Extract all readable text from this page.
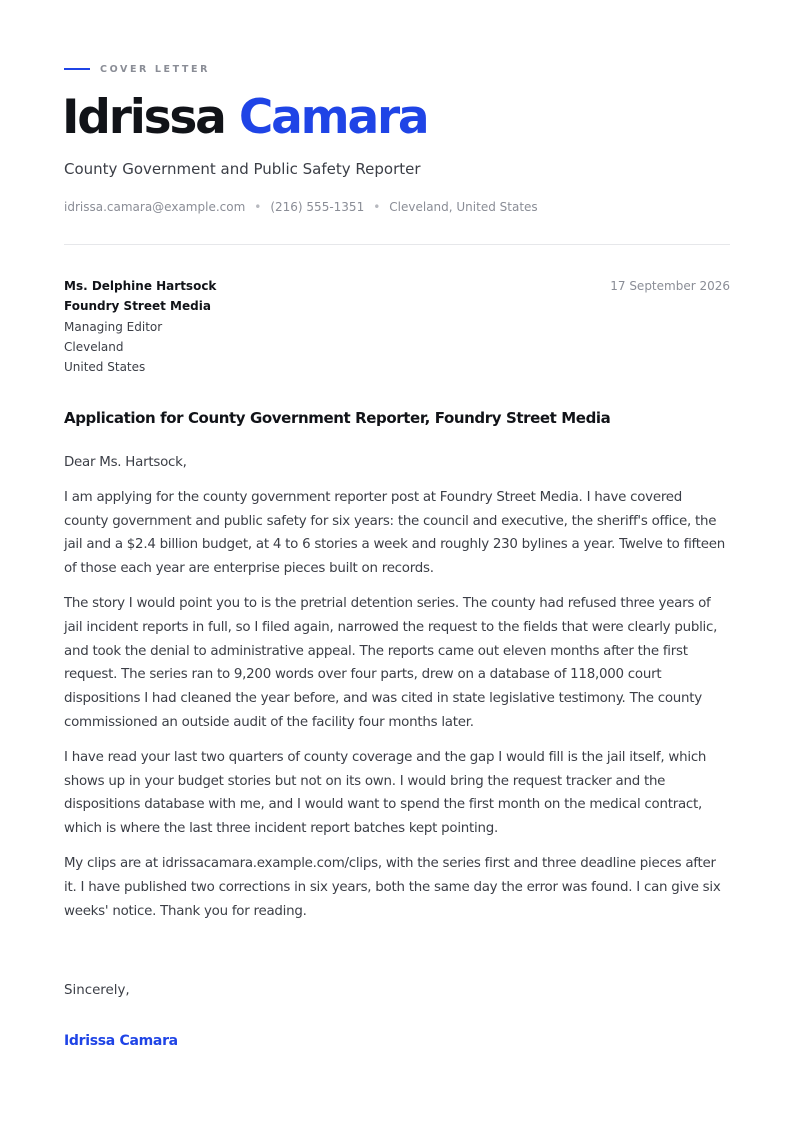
COVER LETTER
Idrissa Camara
County Government and Public Safety Reporter
idrissa.camara@example.com • (216) 555-1351 • Cleveland, United States
Ms. Delphine Hartsock
Foundry Street Media
Managing Editor
Cleveland
United States
17 September 2026
Application for County Government Reporter, Foundry Street Media

Dear Ms. Hartsock,

I am applying for the county government reporter post at Foundry Street Media. I have covered county government and public safety for six years: the council and executive, the sheriff's office, the jail and a $2.4 billion budget, at 4 to 6 stories a week and roughly 230 bylines a year. Twelve to fifteen of those each year are enterprise pieces built on records.

The story I would point you to is the pretrial detention series. The county had refused three years of jail incident reports in full, so I filed again, narrowed the request to the fields that were clearly public, and took the denial to administrative appeal. The reports came out eleven months after the first request. The series ran to 9,200 words over four parts, drew on a database of 118,000 court dispositions I had cleaned the year before, and was cited in state legislative testimony. The county commissioned an outside audit of the facility four months later.

I have read your last two quarters of county coverage and the gap I would fill is the jail itself, which shows up in your budget stories but not on its own. I would bring the request tracker and the dispositions database with me, and I would want to spend the first month on the medical contract, which is where the last three incident report batches kept pointing.

My clips are at idrissacamara.example.com/clips, with the series first and three deadline pieces after it. I have published two corrections in six years, both the same day the error was found. I can give six weeks' notice. Thank you for reading.

Sincerely,
Idrissa Camara
